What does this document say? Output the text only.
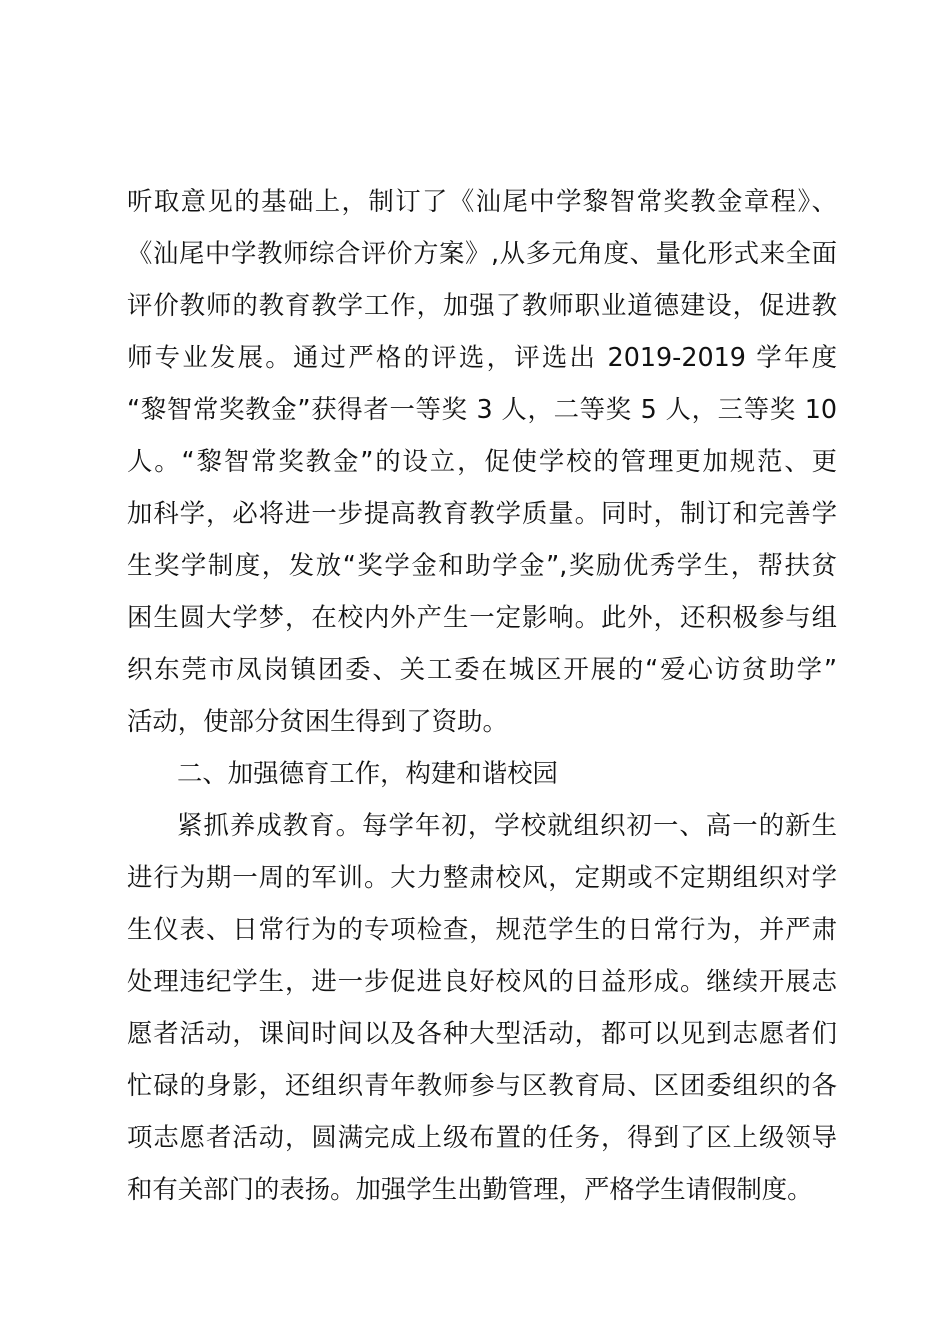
听取意见的基础上，制订了《汕尾中学黎智常奖教金章程》、
《汕尾中学教师综合评价方案》,从多元角度、量化形式来全面
评价教师的教育教学工作，加强了教师职业道德建设，促进教
师专业发展。通过严格的评选，评选出 2019-2019 学年度
“黎智常奖教金”获得者一等奖 3 人，二等奖 5 人，三等奖 10
人。“黎智常奖教金”的设立，促使学校的管理更加规范、更
加科学，必将进一步提高教育教学质量。同时，制订和完善学
生奖学制度，发放“奖学金和助学金”,奖励优秀学生，帮扶贫
困生圆大学梦，在校内外产生一定影响。此外，还积极参与组
织东莞市凤岗镇团委、关工委在城区开展的“爱心访贫助学”
活动，使部分贫困生得到了资助。
二、加强德育工作，构建和谐校园
紧抓养成教育。每学年初，学校就组织初一、高一的新生
进行为期一周的军训。大力整肃校风，定期或不定期组织对学
生仪表、日常行为的专项检查，规范学生的日常行为，并严肃
处理违纪学生，进一步促进良好校风的日益形成。继续开展志
愿者活动，课间时间以及各种大型活动，都可以见到志愿者们
忙碌的身影，还组织青年教师参与区教育局、区团委组织的各
项志愿者活动，圆满完成上级布置的任务，得到了区上级领导
和有关部门的表扬。加强学生出勤管理，严格学生请假制度。
